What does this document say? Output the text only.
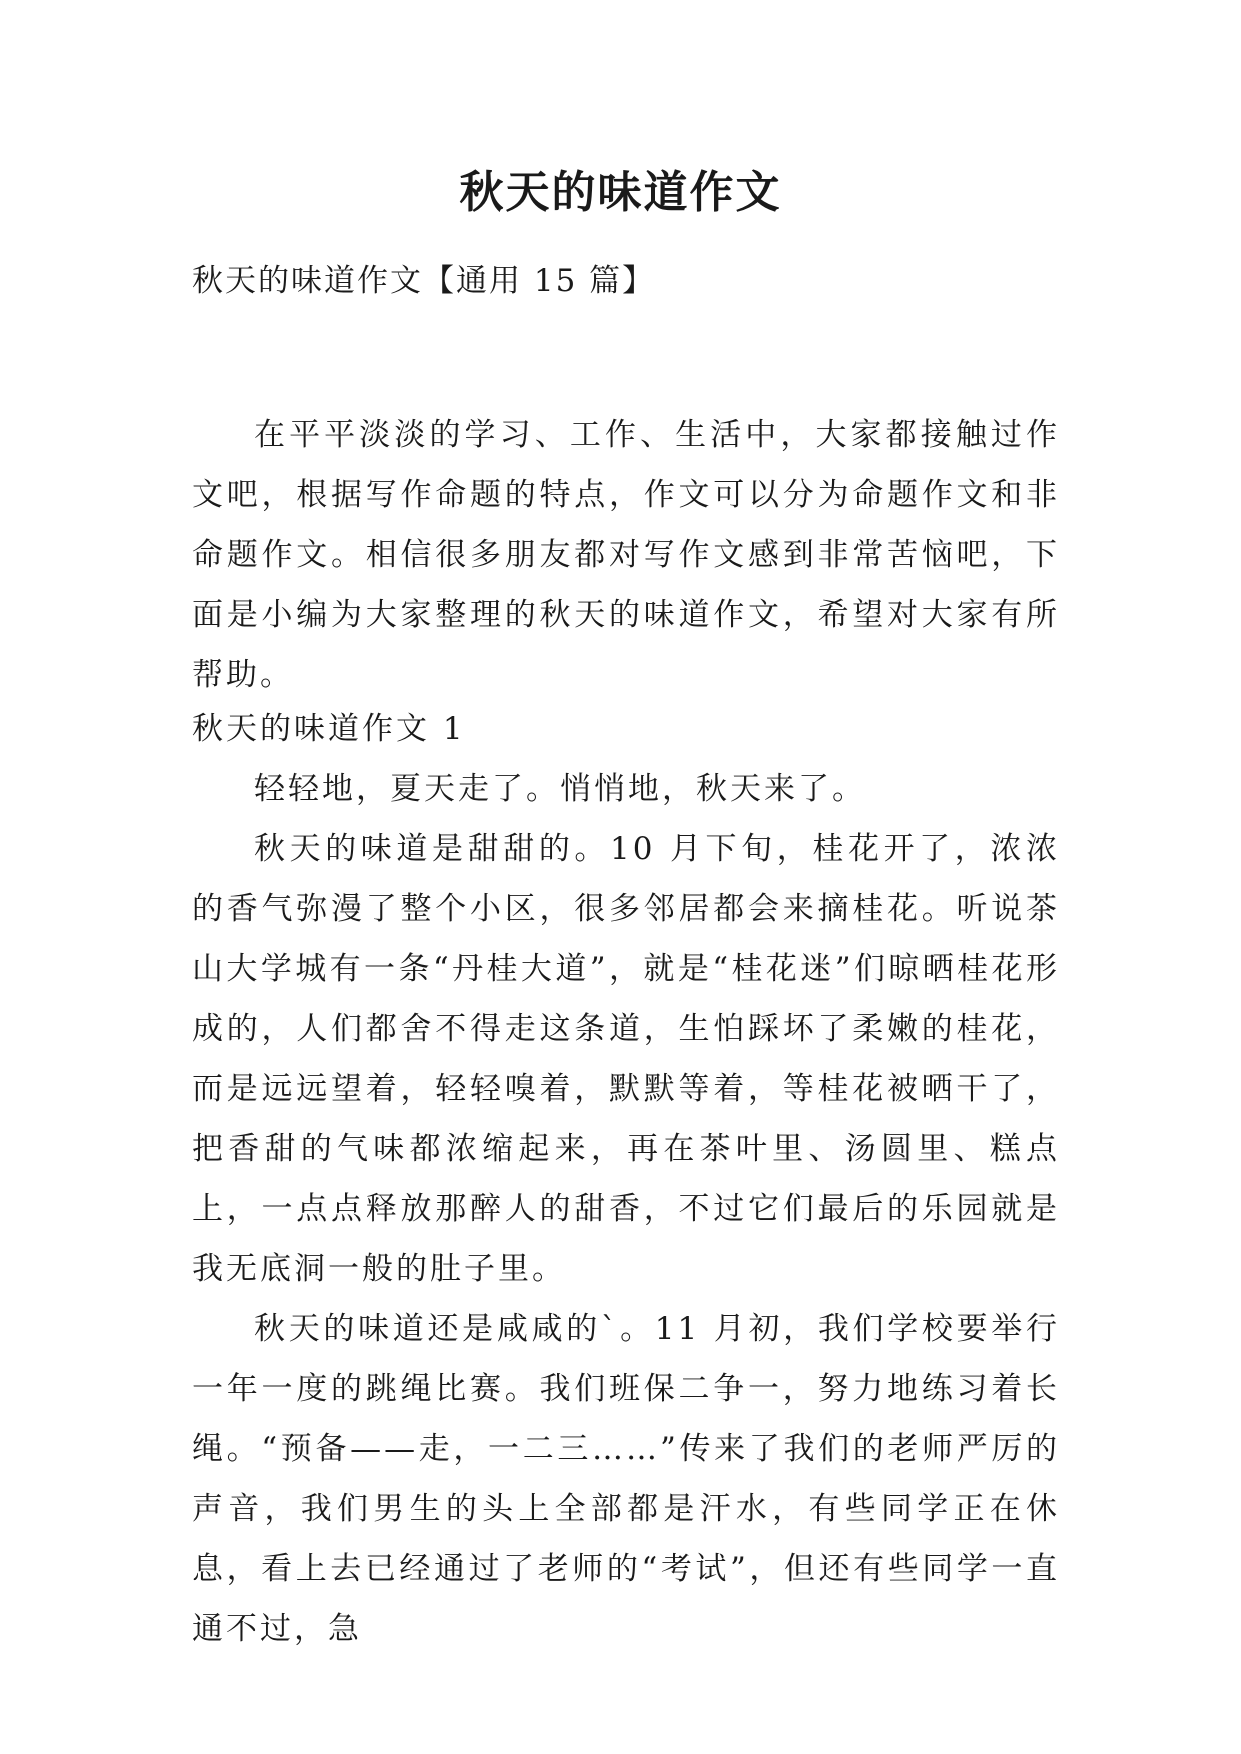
秋天的味道作文

秋天的味道作文【通用 15 篇】

在平平淡淡的学习、工作、生活中，大家都接触过作文吧，根据写作命题的特点，作文可以分为命题作文和非命题作文。相信很多朋友都对写作文感到非常苦恼吧，下面是小编为大家整理的秋天的味道作文，希望对大家有所帮助。

秋天的味道作文 1

轻轻地，夏天走了。悄悄地，秋天来了。

秋天的味道是甜甜的。10 月下旬，桂花开了，浓浓的香气弥漫了整个小区，很多邻居都会来摘桂花。听说茶山大学城有一条“丹桂大道”，就是“桂花迷”们晾晒桂花形成的，人们都舍不得走这条道，生怕踩坏了柔嫩的桂花，而是远远望着，轻轻嗅着，默默等着，等桂花被晒干了，把香甜的气味都浓缩起来，再在茶叶里、汤圆里、糕点上，一点点释放那醉人的甜香，不过它们最后的乐园就是我无底洞一般的肚子里。

秋天的味道还是咸咸的`。11 月初，我们学校要举行一年一度的跳绳比赛。我们班保二争一，努力地练习着长绳。“预备——走，一二三……”传来了我们的老师严厉的声音，我们男生的头上全部都是汗水，有些同学正在休息，看上去已经通过了老师的“考试”，但还有些同学一直通不过，急
